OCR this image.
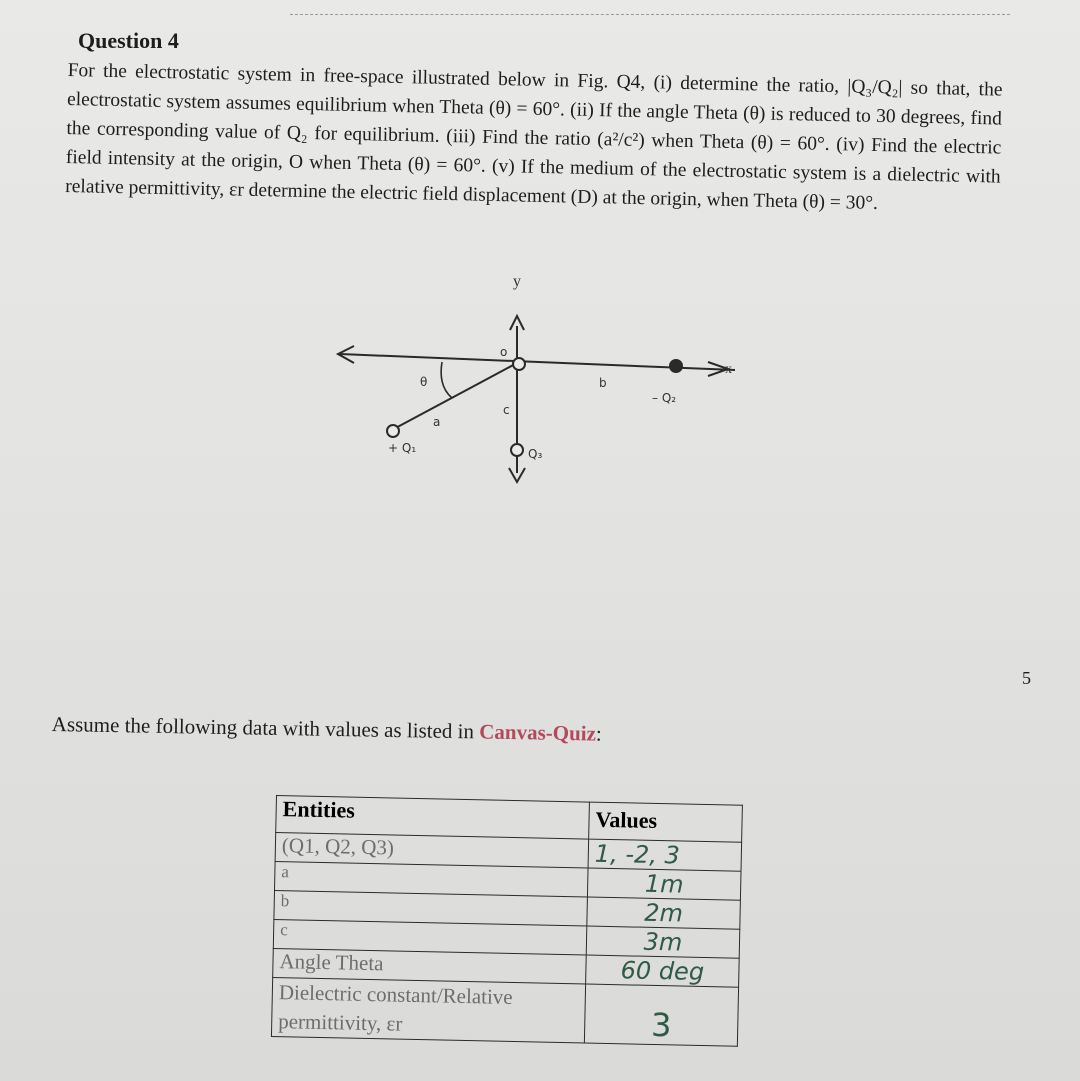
Question 4

For the electrostatic system in free-space illustrated below in Fig. Q4, (i) determine the ratio, |Q₃/Q₂| so that, the electrostatic system assumes equilibrium when Theta (θ) = 60°. (ii) If the angle Theta (θ) is reduced to 30 degrees, find the corresponding value of Q₂ for equilibrium. (iii) Find the ratio (a²/c²) when Theta (θ) = 60°. (iv) Find the electric field intensity at the origin, O when Theta (θ) = 60°. (v) If the medium of the electrostatic system is a dielectric with relative permittivity, εr determine the electric field displacement (D) at the origin, when Theta (θ) = 30°.

y
x
o
θ
a
b
c
+ Q₁
– Q₂
Q₃
5
Assume the following data with values as listed in Canvas-Quiz:
Entities	Values
(Q1, Q2, Q3)	1, -2, 3
a	1m
b	2m
c	3m
Angle Theta	60 deg
Dielectric constant/Relative permittivity, εr	3
